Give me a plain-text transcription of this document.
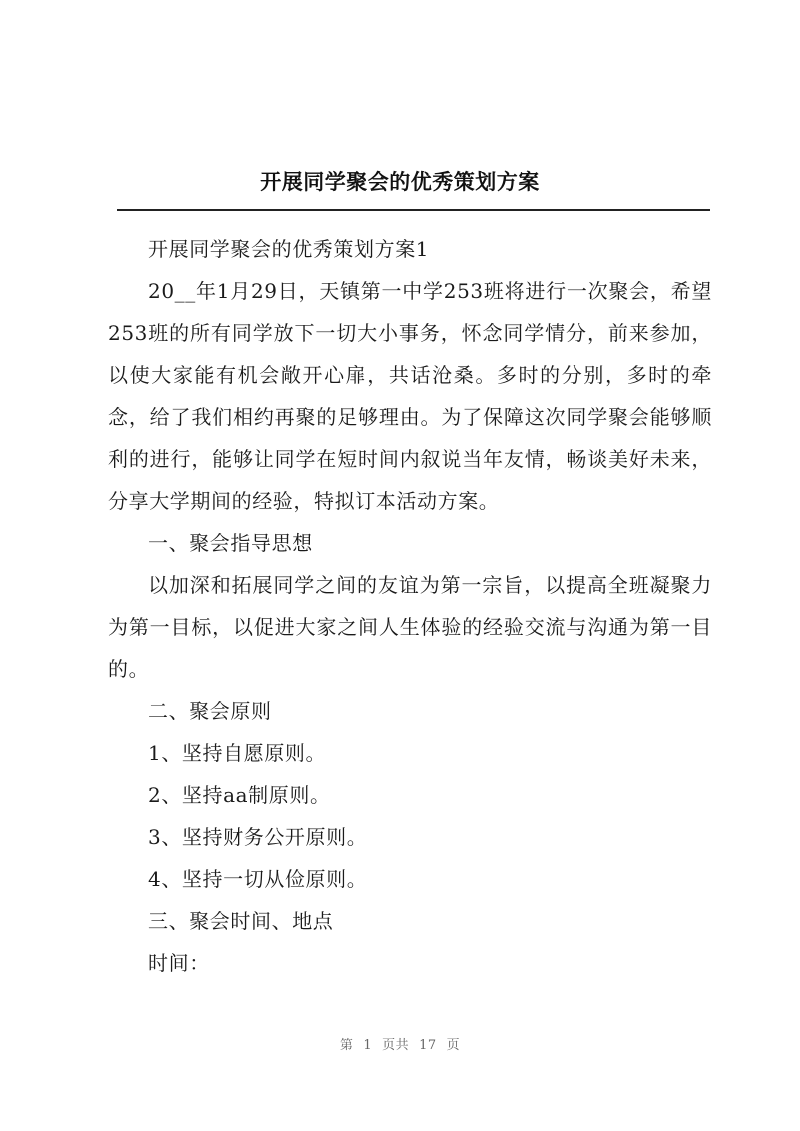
开展同学聚会的优秀策划方案

开展同学聚会的优秀策划方案1

20__年1月29日，天镇第一中学253班将进行一次聚会，希望253班的所有同学放下一切大小事务，怀念同学情分，前来参加，以使大家能有机会敞开心扉，共话沧桑。多时的分别，多时的牵念，给了我们相约再聚的足够理由。为了保障这次同学聚会能够顺利的进行，能够让同学在短时间内叙说当年友情，畅谈美好未来，分享大学期间的经验，特拟订本活动方案。

一、聚会指导思想

以加深和拓展同学之间的友谊为第一宗旨，以提高全班凝聚力为第一目标，以促进大家之间人生体验的经验交流与沟通为第一目的。

二、聚会原则

1、坚持自愿原则。

2、坚持aa制原则。

3、坚持财务公开原则。

4、坚持一切从俭原则。

三、聚会时间、地点

时间：

第 1 页共 17 页
